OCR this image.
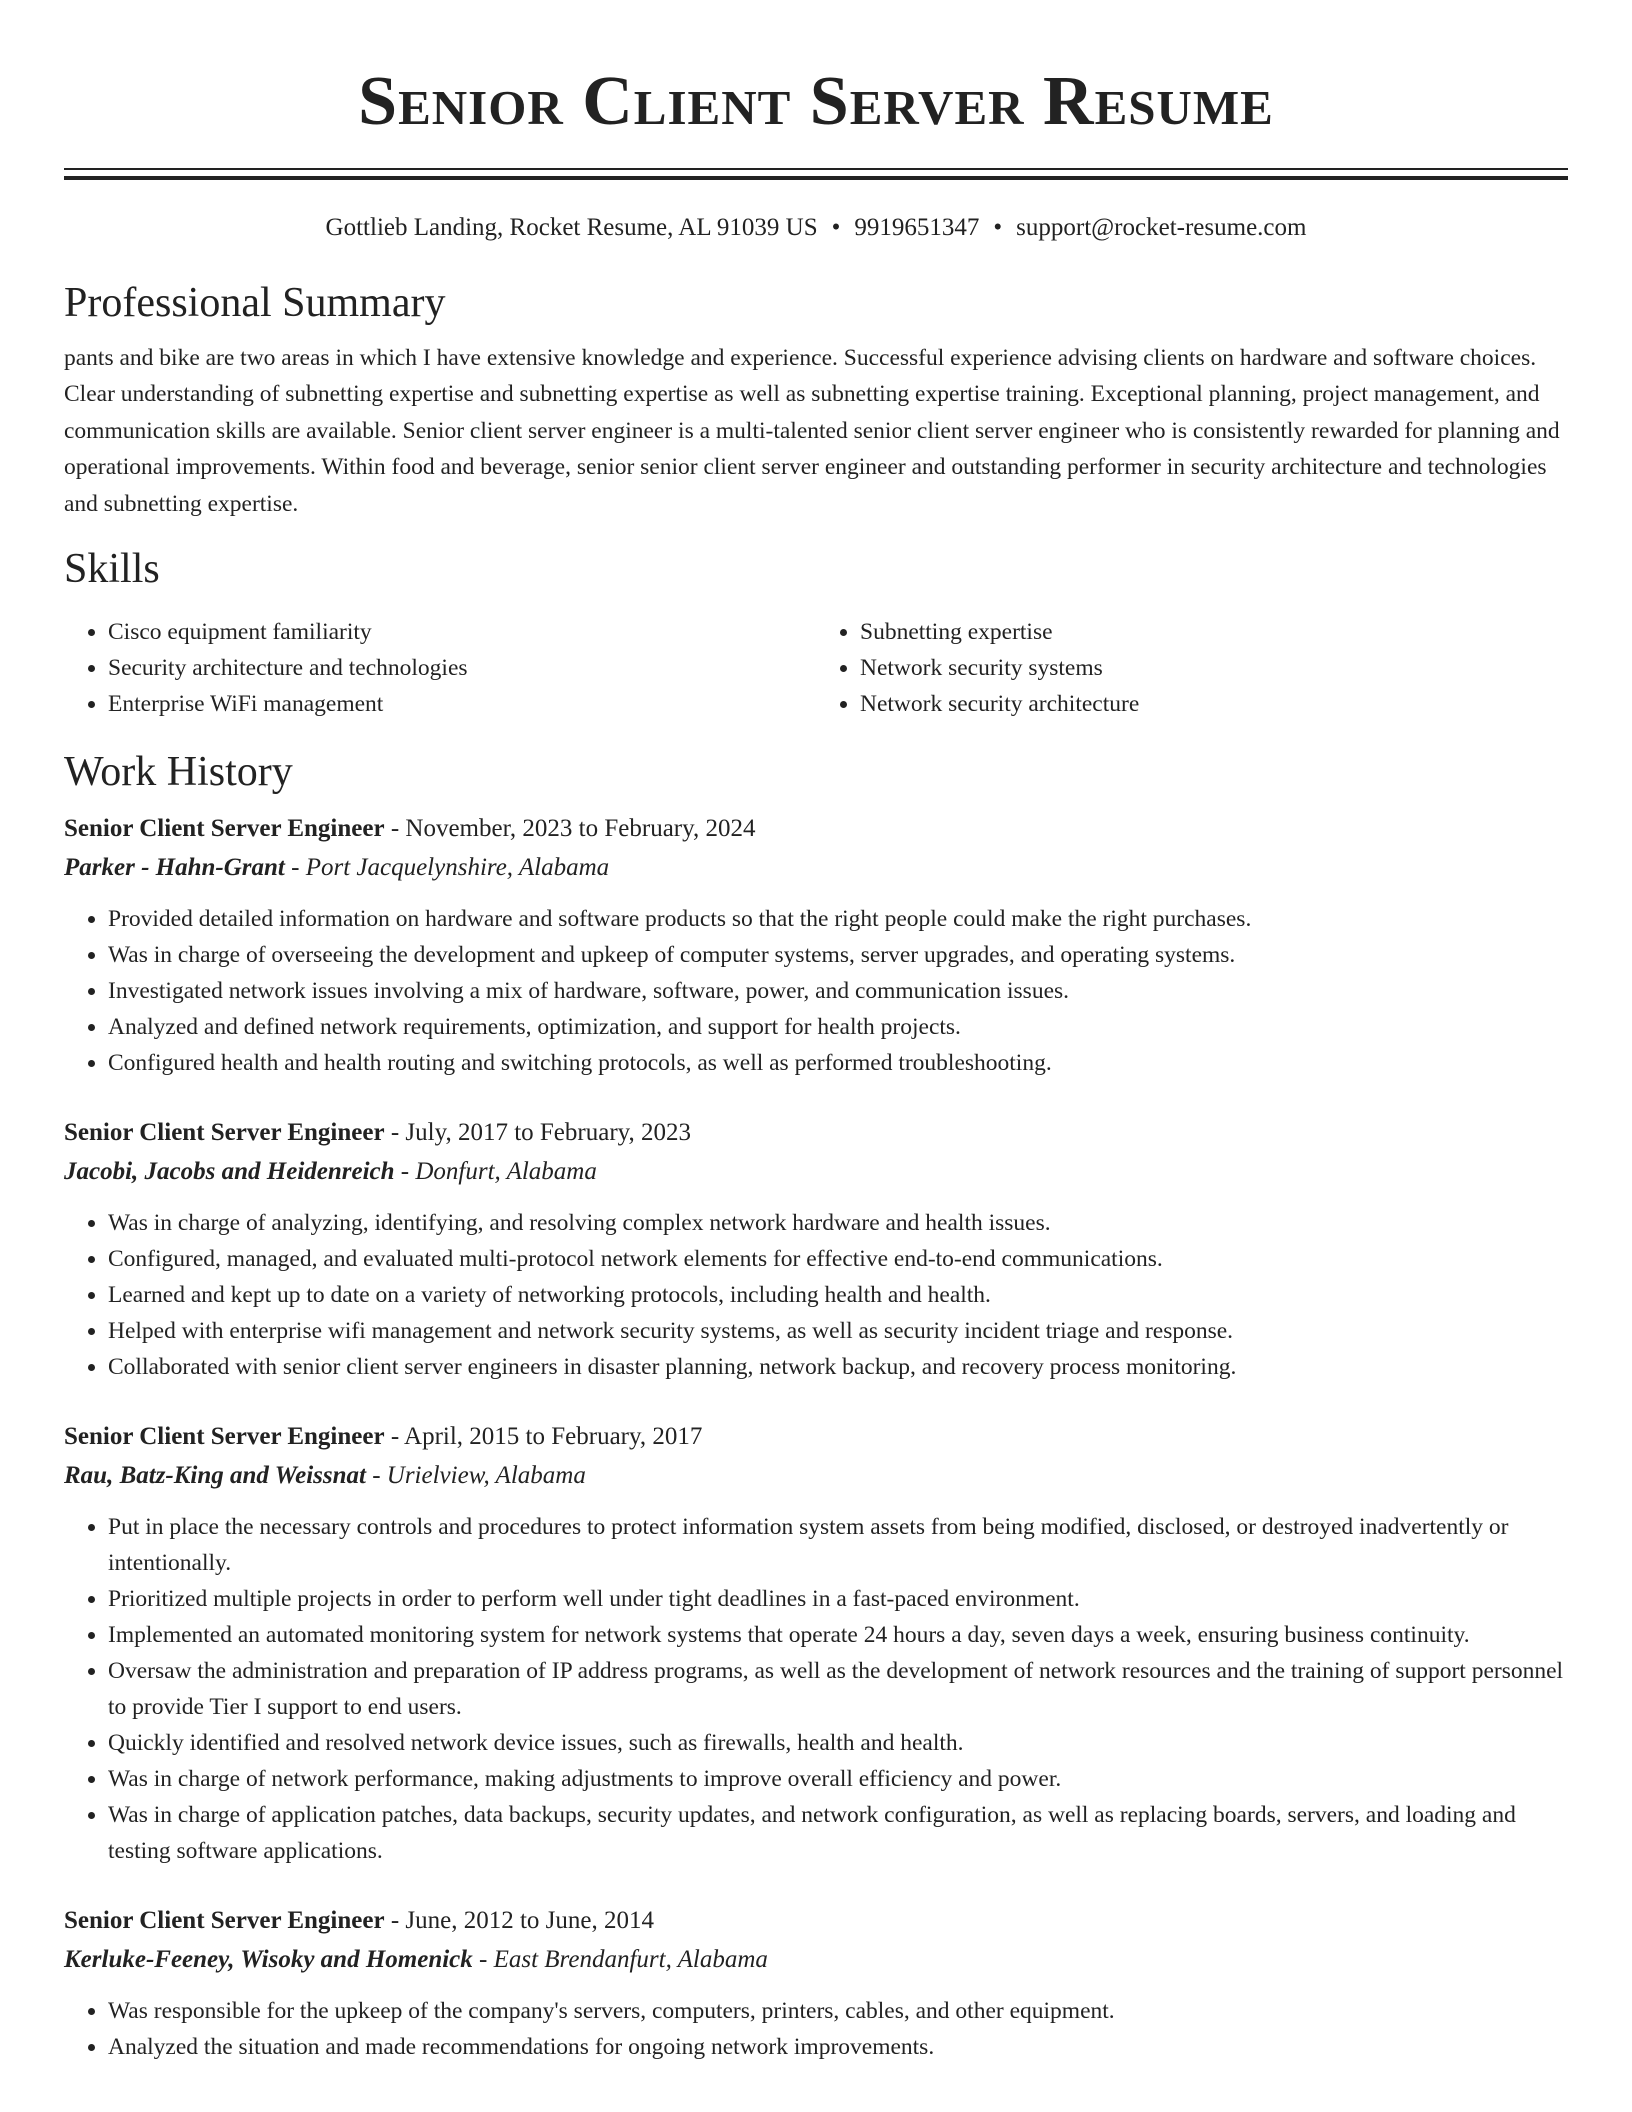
Senior Client Server Resume
Gottlieb Landing, Rocket Resume, AL 91039 US • 9919651347 • support@rocket-resume.com
Professional Summary

pants and bike are two areas in which I have extensive knowledge and experience. Successful experience advising clients on hardware and software choices. Clear understanding of subnetting expertise and subnetting expertise as well as subnetting expertise training. Exceptional planning, project management, and communication skills are available. Senior client server engineer is a multi-talented senior client server engineer who is consistently rewarded for planning and operational improvements. Within food and beverage, senior senior client server engineer and outstanding performer in security architecture and technologies and subnetting expertise.

Skills
• Cisco equipment familiarity
• Security architecture and technologies
• Enterprise WiFi management
• Subnetting expertise
• Network security systems
• Network security architecture
Work History
Senior Client Server Engineer - November, 2023 to February, 2024
Parker - Hahn-Grant - Port Jacquelynshire, Alabama
• Provided detailed information on hardware and software products so that the right people could make the right purchases.
• Was in charge of overseeing the development and upkeep of computer systems, server upgrades, and operating systems.
• Investigated network issues involving a mix of hardware, software, power, and communication issues.
• Analyzed and defined network requirements, optimization, and support for health projects.
• Configured health and health routing and switching protocols, as well as performed troubleshooting.
Senior Client Server Engineer - July, 2017 to February, 2023
Jacobi, Jacobs and Heidenreich - Donfurt, Alabama
• Was in charge of analyzing, identifying, and resolving complex network hardware and health issues.
• Configured, managed, and evaluated multi-protocol network elements for effective end-to-end communications.
• Learned and kept up to date on a variety of networking protocols, including health and health.
• Helped with enterprise wifi management and network security systems, as well as security incident triage and response.
• Collaborated with senior client server engineers in disaster planning, network backup, and recovery process monitoring.
Senior Client Server Engineer - April, 2015 to February, 2017
Rau, Batz-King and Weissnat - Urielview, Alabama
• Put in place the necessary controls and procedures to protect information system assets from being modified, disclosed, or destroyed inadvertently or intentionally.
• Prioritized multiple projects in order to perform well under tight deadlines in a fast-paced environment.
• Implemented an automated monitoring system for network systems that operate 24 hours a day, seven days a week, ensuring business continuity.
• Oversaw the administration and preparation of IP address programs, as well as the development of network resources and the training of support personnel to provide Tier I support to end users.
• Quickly identified and resolved network device issues, such as firewalls, health and health.
• Was in charge of network performance, making adjustments to improve overall efficiency and power.
• Was in charge of application patches, data backups, security updates, and network configuration, as well as replacing boards, servers, and loading and testing software applications.
Senior Client Server Engineer - June, 2012 to June, 2014
Kerluke-Feeney, Wisoky and Homenick - East Brendanfurt, Alabama
• Was responsible for the upkeep of the company's servers, computers, printers, cables, and other equipment.
• Analyzed the situation and made recommendations for ongoing network improvements.
